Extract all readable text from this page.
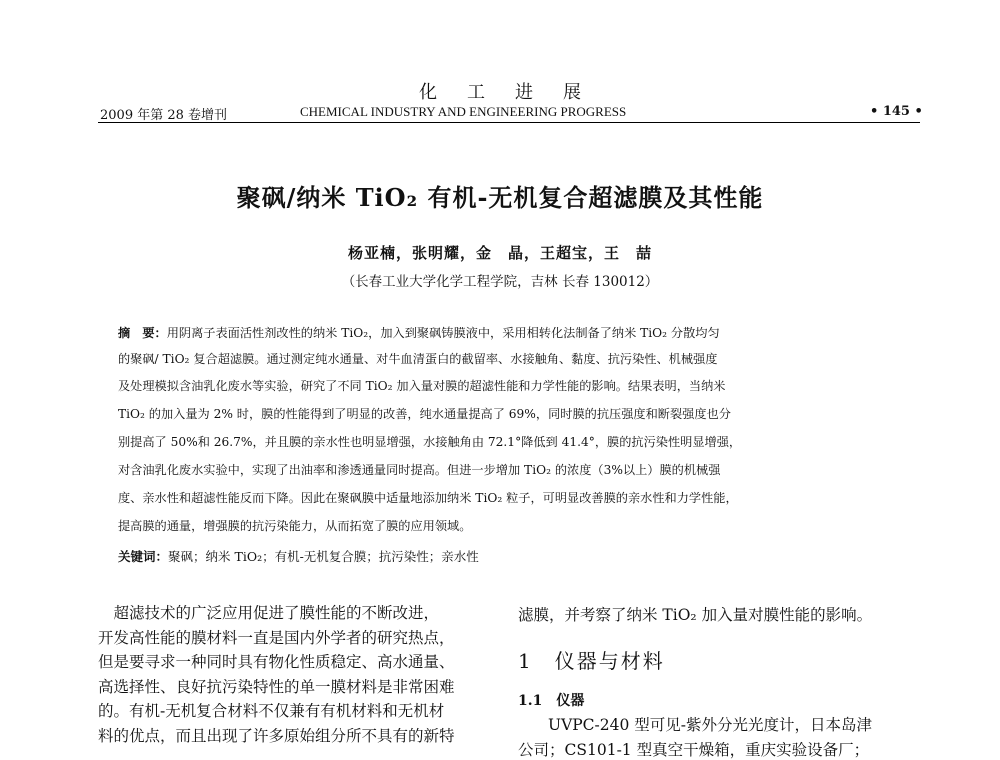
化工进展
2009 年第 28 卷增刊	CHEMICAL INDUSTRY AND ENGINEERING PROGRESS	• 145 •
聚砜/纳米 TiO₂ 有机-无机复合超滤膜及其性能
杨亚楠，张明耀，金　晶，王超宝，王　喆
（长春工业大学化学工程学院，吉林 长春 130012）
摘　要：用阴离子表面活性剂改性的纳米 TiO₂，加入到聚砜铸膜液中，采用相转化法制备了纳米 TiO₂ 分散均匀
的聚砜/ TiO₂ 复合超滤膜。通过测定纯水通量、对牛血清蛋白的截留率、水接触角、黏度、抗污染性、机械强度
及处理模拟含油乳化废水等实验，研究了不同 TiO₂ 加入量对膜的超滤性能和力学性能的影响。结果表明，当纳米
TiO₂ 的加入量为 2% 时，膜的性能得到了明显的改善，纯水通量提高了 69%，同时膜的抗压强度和断裂强度也分
别提高了 50%和 26.7%，并且膜的亲水性也明显增强，水接触角由 72.1°降低到 41.4°，膜的抗污染性明显增强，
对含油乳化废水实验中，实现了出油率和渗透通量同时提高。但进一步增加 TiO₂ 的浓度（3%以上）膜的机械强
度、亲水性和超滤性能反而下降。因此在聚砜膜中适量地添加纳米 TiO₂ 粒子，可明显改善膜的亲水性和力学性能，
提高膜的通量，增强膜的抗污染能力，从而拓宽了膜的应用领域。
关键词：聚砜；纳米 TiO₂；有机-无机复合膜；抗污染性；亲水性
　超滤技术的广泛应用促进了膜性能的不断改进，
开发高性能的膜材料一直是国内外学者的研究热点，
但是要寻求一种同时具有物化性质稳定、高水通量、
高选择性、良好抗污染特性的单一膜材料是非常困难
的。有机-无机复合材料不仅兼有有机材料和无机材
料的优点，而且出现了许多原始组分所不具有的新特
滤膜，并考察了纳米 TiO₂ 加入量对膜性能的影响。
1　仪器与材料
1.1　仪器
UVPC-240 型可见-紫外分光光度计，日本岛津
公司；CS101-1 型真空干燥箱，重庆实验设备厂；
